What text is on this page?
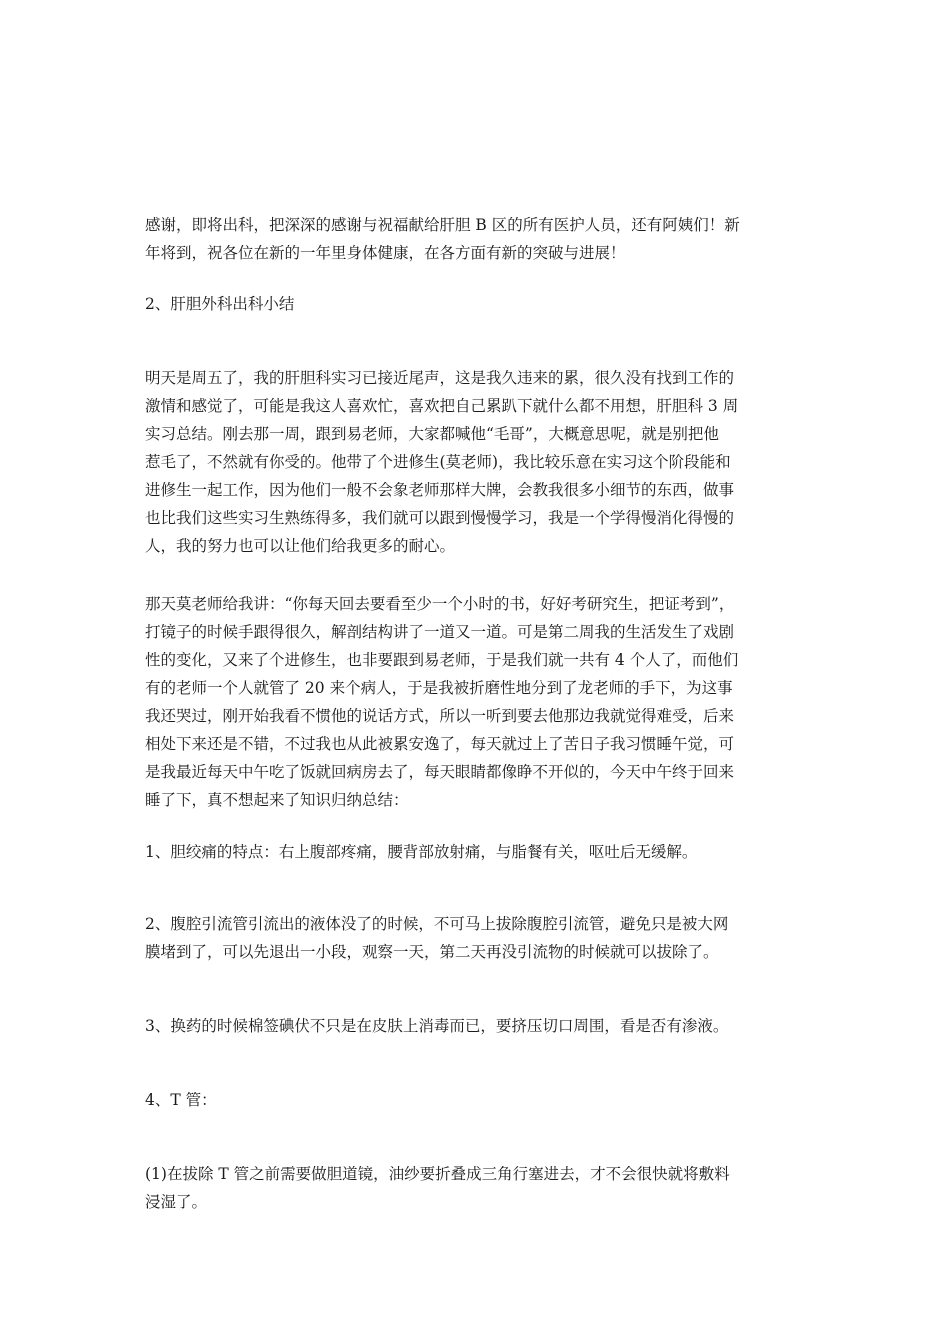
感谢，即将出科，把深深的感谢与祝福献给肝胆 B 区的所有医护人员，还有阿姨们！新
年将到，祝各位在新的一年里身体健康，在各方面有新的突破与进展！

2、肝胆外科出科小结

明天是周五了，我的肝胆科实习已接近尾声，这是我久违来的累，很久没有找到工作的
激情和感觉了，可能是我这人喜欢忙，喜欢把自己累趴下就什么都不用想，肝胆科 3 周
实习总结。刚去那一周，跟到易老师，大家都喊他“毛哥”，大概意思呢，就是别把他
惹毛了，不然就有你受的。他带了个进修生(莫老师)，我比较乐意在实习这个阶段能和
进修生一起工作，因为他们一般不会象老师那样大牌，会教我很多小细节的东西，做事
也比我们这些实习生熟练得多，我们就可以跟到慢慢学习，我是一个学得慢消化得慢的
人，我的努力也可以让他们给我更多的耐心。

那天莫老师给我讲：“你每天回去要看至少一个小时的书，好好考研究生，把证考到”，
打镜子的时候手跟得很久，解剖结构讲了一道又一道。可是第二周我的生活发生了戏剧
性的变化，又来了个进修生，也非要跟到易老师，于是我们就一共有 4 个人了，而他们
有的老师一个人就管了 20 来个病人，于是我被折磨性地分到了龙老师的手下，为这事
我还哭过，刚开始我看不惯他的说话方式，所以一听到要去他那边我就觉得难受，后来
相处下来还是不错，不过我也从此被累安逸了，每天就过上了苦日子我习惯睡午觉，可
是我最近每天中午吃了饭就回病房去了，每天眼睛都像睁不开似的，今天中午终于回来
睡了下，真不想起来了知识归纳总结：

1、胆绞痛的特点：右上腹部疼痛，腰背部放射痛，与脂餐有关，呕吐后无缓解。

2、腹腔引流管引流出的液体没了的时候，不可马上拔除腹腔引流管，避免只是被大网
膜堵到了，可以先退出一小段，观察一天，第二天再没引流物的时候就可以拔除了。

3、换药的时候棉签碘伏不只是在皮肤上消毒而已，要挤压切口周围，看是否有渗液。

4、T 管：

(1)在拔除 T 管之前需要做胆道镜，油纱要折叠成三角行塞进去，才不会很快就将敷料
浸湿了。
